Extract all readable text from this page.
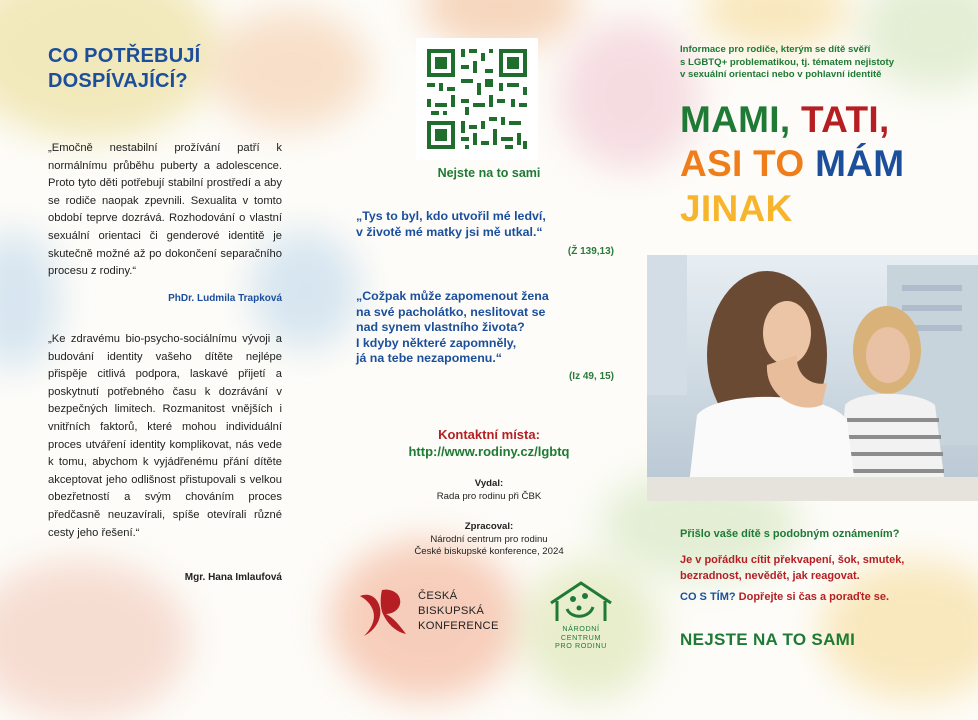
CO POTŘEBUJÍ
DOSPÍVAJÍCÍ?

„Emočně nestabilní prožívání patří k normálnímu průběhu puberty a adolescence. Proto tyto děti potřebují stabilní prostředí a aby se rodiče naopak zpevnili. Sexualita v tomto období teprve dozrává. Rozhodování o vlastní sexuální orientaci či genderové identitě je skutečně možné až po dokončení separačního procesu z rodiny.“

PhDr. Ludmila Trapková

„Ke zdravému bio-psycho-sociálnímu vývoji a budování identity vašeho dítěte nejlépe přispěje citlivá podpora, laskavé přijetí a poskytnutí potřebného času k dozrávání v bezpečných limitech. Rozmanitost vnějších i vnitřních faktorů, které mohou individuální proces utváření identity komplikovat, nás vede k tomu, abychom k vyjádřenému přání dítěte akceptovat jeho odlišnost přistupovali s velkou obezřetností a svým chováním proces předčasně neuzavírali, spíše otevírali různé cesty jeho řešení.“

Mgr. Hana Imlaufová

Nejste na to sami

„Tys to byl, kdo utvořil mé ledví,
v životě mé matky jsi mě utkal.“

(Ž 139,13)

„Cožpak může zapomenout žena
na své pacholátko, neslitovat se
nad synem vlastního života?
I kdyby některé zapomněly,
já na tebe nezapomenu.“

(Iz 49, 15)

Kontaktní místa:

http://www.rodiny.cz/lgbtq

Vydal:

Rada pro rodinu při ČBK

Zpracoval:

Národní centrum pro rodinu

České biskupské konference, 2024

ČESKÁ
BISKUPSKÁ
KONFERENCE	NÁRODNÍ
CENTRUM
PRO RODINU

Informace pro rodiče, kterým se dítě svěří
s LGBTQ+ problematikou, tj. tématem nejistoty
v sexuální orientaci nebo v pohlavní identitě

MAMI, TATI,

ASI TO MÁM

JINAK

Přišlo vaše dítě s podobným oznámením?

Je v pořádku cítit překvapení, šok, smutek, bezradnost, nevědět, jak reagovat.

CO S TÍM? Dopřejte si čas a poraďte se.

NEJSTE NA TO SAMI
